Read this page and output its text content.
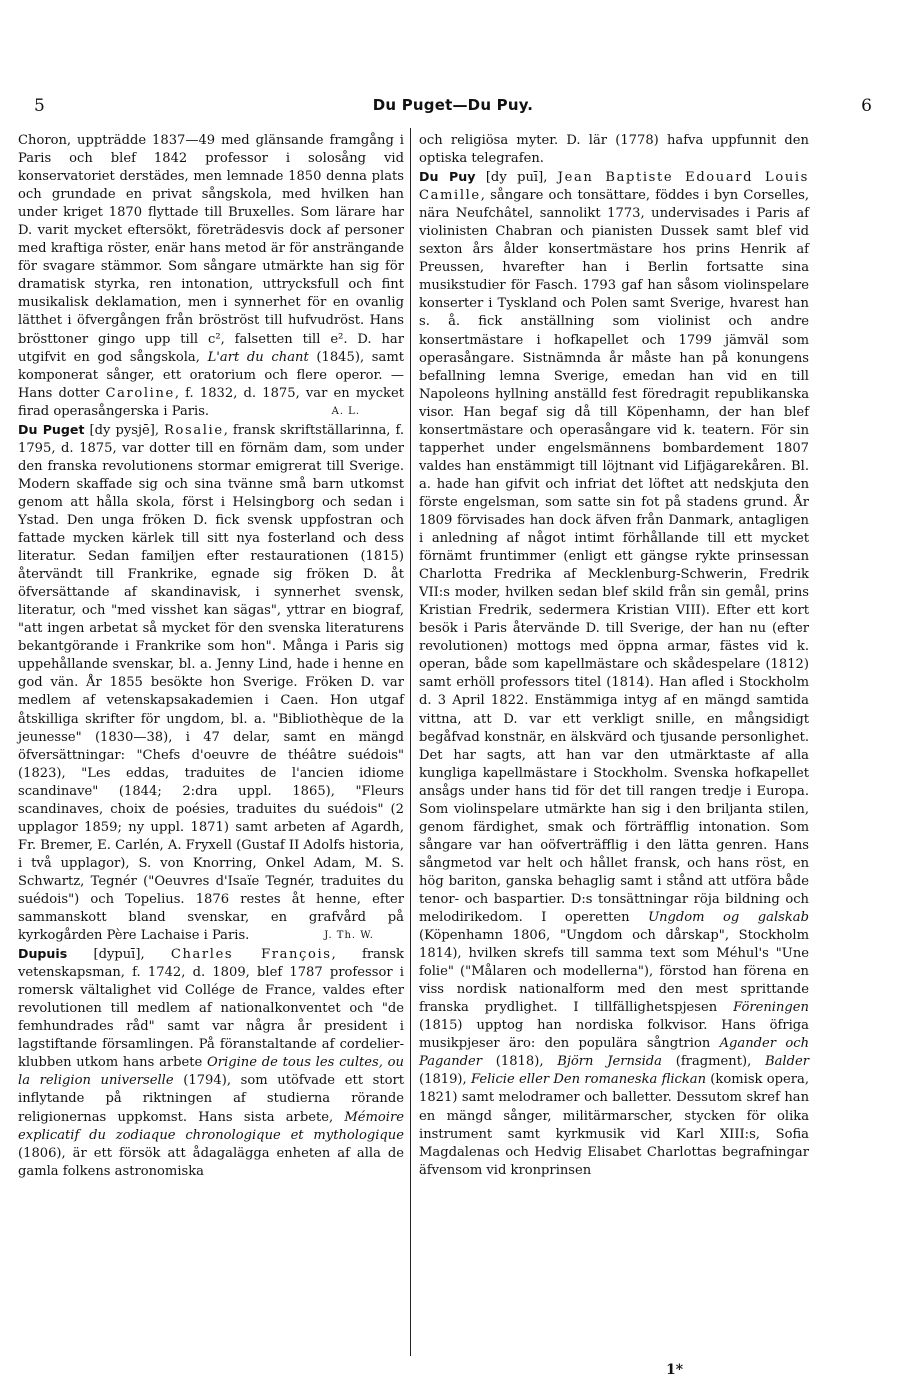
5	Du Puget—Du Puy.	6

Choron, uppträdde 1837—49 med glänsande framgång i Paris och blef 1842 professor i solosång vid konservatoriet derstädes, men lemnade 1850 denna plats och grundade en privat sångskola, med hvilken han under kriget 1870 flyttade till Bruxelles. Som lärare har D. varit mycket eftersökt, företrädesvis dock af personer med kraftiga röster, enär hans metod är för ansträngande för svagare stämmor. Som sångare utmärkte han sig för dramatisk styrka, ren intonation, uttrycksfull och fint musikalisk deklamation, men i synnerhet för en ovanlig lätthet i öfvergången från bröströst till hufvudröst. Hans brösttoner gingo upp till c², falsetten till e². D. har utgifvit en god sångskola, L'art du chant (1845), samt komponerat sånger, ett oratorium och flere operor. — Hans dotter Caroline, f. 1832, d. 1875, var en mycket firad operasångerska i Paris.	A. L.

Du Puget [dy pysjē], Rosalie, fransk skriftställarinna, f. 1795, d. 1875, var dotter till en förnäm dam, som under den franska revolutionens stormar emigrerat till Sverige. Modern skaffade sig och sina tvänne små barn utkomst genom att hålla skola, först i Helsingborg och sedan i Ystad. Den unga fröken D. fick svensk uppfostran och fattade mycken kärlek till sitt nya fosterland och dess literatur. Sedan familjen efter restaurationen (1815) återvändt till Frankrike, egnade sig fröken D. åt öfversättande af skandinavisk, i synnerhet svensk, literatur, och "med visshet kan sägas", yttrar en biograf, "att ingen arbetat så mycket för den svenska literaturens bekantgörande i Frankrike som hon". Många i Paris sig uppehållande svenskar, bl. a. Jenny Lind, hade i henne en god vän. År 1855 besökte hon Sverige. Fröken D. var medlem af vetenskapsakademien i Caen. Hon utgaf åtskilliga skrifter för ungdom, bl. a. "Bibliothèque de la jeunesse" (1830—38), i 47 delar, samt en mängd öfversättningar: "Chefs d'oeuvre de théâtre suédois" (1823), "Les eddas, traduites de l'ancien idiome scandinave" (1844; 2:dra uppl. 1865), "Fleurs scandinaves, choix de poésies, traduites du suédois" (2 upplagor 1859; ny uppl. 1871) samt arbeten af Agardh, Fr. Bremer, E. Carlén, A. Fryxell (Gustaf II Adolfs historia, i två upplagor), S. von Knorring, Onkel Adam, M. S. Schwartz, Tegnér ("Oeuvres d'Isaïe Tegnér, traduites du suédois") och Topelius. 1876 restes åt henne, efter sammanskott bland svenskar, en grafvård på kyrkogården Père Lachaise i Paris.	J. Th. W.

Dupuis [dypuī], Charles François, fransk vetenskapsman, f. 1742, d. 1809, blef 1787 professor i romersk vältalighet vid Collége de France, valdes efter revolutionen till medlem af nationalkonventet och "de femhundrades råd" samt var några år president i lagstiftande församlingen. På föranstaltande af cordelier-klubben utkom hans arbete Origine de tous les cultes, ou la religion universelle (1794), som utöfvade ett stort inflytande på riktningen af studierna rörande religionernas uppkomst. Hans sista arbete, Mémoire explicatif du zodiaque chronologique et mythologique (1806), är ett försök att ådagalägga enheten af alla de gamla folkens astronomiska

och religiösa myter. D. lär (1778) hafva uppfunnit den optiska telegrafen.

Du Puy [dy puī], Jean Baptiste Edouard Louis Camille, sångare och tonsättare, föddes i byn Corselles, nära Neufchâtel, sannolikt 1773, undervisades i Paris af violinisten Chabran och pianisten Dussek samt blef vid sexton års ålder konsertmästare hos prins Henrik af Preussen, hvarefter han i Berlin fortsatte sina musikstudier för Fasch. 1793 gaf han såsom violinspelare konserter i Tyskland och Polen samt Sverige, hvarest han s. å. fick anställning som violinist och andre konsertmästare i hofkapellet och 1799 jämväl som operasångare. Sistnämnda år måste han på konungens befallning lemna Sverige, emedan han vid en till Napoleons hyllning anställd fest föredragit republikanska visor. Han begaf sig då till Köpenhamn, der han blef konsertmästare och operasångare vid k. teatern. För sin tapperhet under engelsmännens bombardement 1807 valdes han enstämmigt till löjtnant vid Lifjägarekåren. Bl. a. hade han gifvit och infriat det löftet att nedskjuta den förste engelsman, som satte sin fot på stadens grund. År 1809 förvisades han dock äfven från Danmark, antagligen i anledning af något intimt förhållande till ett mycket förnämt fruntimmer (enligt ett gängse rykte prinsessan Charlotta Fredrika af Mecklenburg-Schwerin, Fredrik VII:s moder, hvilken sedan blef skild från sin gemål, prins Kristian Fredrik, sedermera Kristian VIII). Efter ett kort besök i Paris återvände D. till Sverige, der han nu (efter revolutionen) mottogs med öppna armar, fästes vid k. operan, både som kapellmästare och skådespelare (1812) samt erhöll professors titel (1814). Han afled i Stockholm d. 3 April 1822. Enstämmiga intyg af en mängd samtida vittna, att D. var ett verkligt snille, en mångsidigt begåfvad konstnär, en älskvärd och tjusande personlighet. Det har sagts, att han var den utmärktaste af alla kungliga kapellmästare i Stockholm. Svenska hofkapellet ansågs under hans tid för det till rangen tredje i Europa. Som violinspelare utmärkte han sig i den briljanta stilen, genom färdighet, smak och förträfflig intonation. Som sångare var han oöfverträfflig i den lätta genren. Hans sångmetod var helt och hållet fransk, och hans röst, en hög bariton, ganska behaglig samt i stånd att utföra både tenor- och baspartier. D:s tonsättningar röja bildning och melodirikedom. I operetten Ungdom og galskab (Köpenhamn 1806, "Ungdom och dårskap", Stockholm 1814), hvilken skrefs till samma text som Méhul's "Une folie" ("Målaren och modellerna"), förstod han förena en viss nordisk nationalform med den mest sprittande franska prydlighet. I tillfällighetspjesen Föreningen (1815) upptog han nordiska folkvisor. Hans öfriga musikpjeser äro: den populära sångtrion Agander och Pagander (1818), Björn Jernsida (fragment), Balder (1819), Felicie eller Den romaneska flickan (komisk opera, 1821) samt melodramer och balletter. Dessutom skref han en mängd sånger, militärmarscher, stycken för olika instrument samt kyrkmusik vid Karl XIII:s, Sofia Magdalenas och Hedvig Elisabet Charlottas begrafningar äfvensom vid kronprinsen

1*
